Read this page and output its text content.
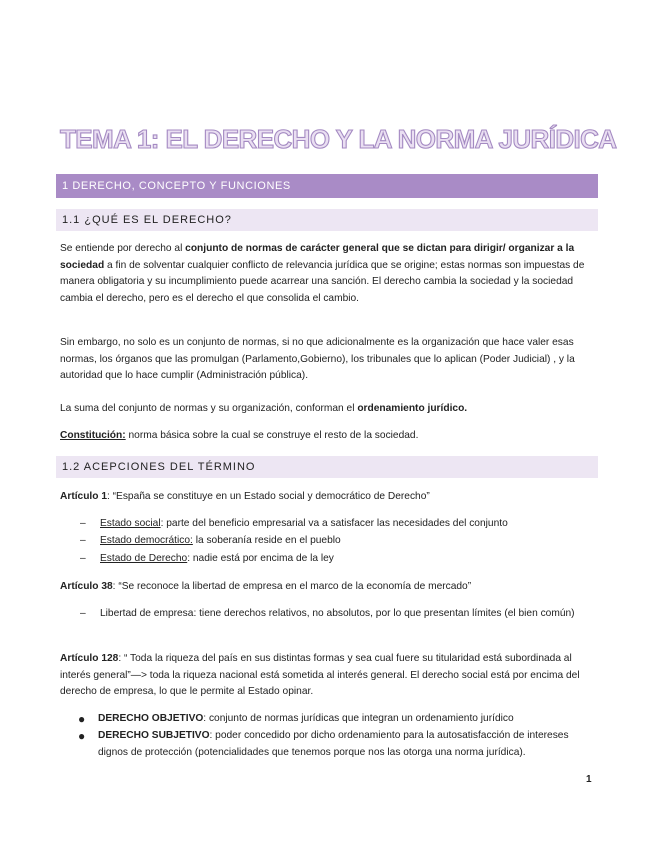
TEMA 1: EL DERECHO Y LA NORMA JURÍDICA
1 DERECHO, CONCEPTO Y FUNCIONES
1.1 ¿QUÉ ES EL DERECHO?
Se entiende por derecho al conjunto de normas de carácter general que se dictan para dirigir/ organizar a la sociedad a fin de solventar cualquier conflicto de relevancia jurídica que se origine; estas normas son impuestas de manera obligatoria y su incumplimiento puede acarrear una sanción. El derecho cambia la sociedad y la sociedad cambia el derecho, pero es el derecho el que consolida el cambio.
Sin embargo, no solo es un conjunto de normas, si no que adicionalmente es la organización que hace valer esas normas, los órganos que las promulgan (Parlamento,Gobierno), los tribunales que lo aplican (Poder Judicial) , y la autoridad que lo hace cumplir (Administración pública).
La suma del conjunto de normas y su organización, conforman el ordenamiento jurídico.
Constitución: norma básica sobre la cual se construye el resto de la sociedad.
1.2 ACEPCIONES DEL TÉRMINO
Artículo 1: “España se constituye en un Estado social y democrático de Derecho”
– Estado social: parte del beneficio empresarial va a satisfacer las necesidades del conjunto
– Estado democrático: la soberanía reside en el pueblo
– Estado de Derecho: nadie está por encima de la ley
Artículo 38: “Se reconoce la libertad de empresa en el marco de la economía de mercado”
– Libertad de empresa: tiene derechos relativos, no absolutos, por lo que presentan límites (el bien común)
Artículo 128: “ Toda la riqueza del país en sus distintas formas y sea cual fuere su titularidad está subordinada al interés general”—> toda la riqueza nacional está sometida al interés general. El derecho social está por encima del derecho de empresa, lo que le permite al Estado opinar.
● DERECHO OBJETIVO: conjunto de normas jurídicas que integran un ordenamiento jurídico
● DERECHO SUBJETIVO: poder concedido por dicho ordenamiento para la autosatisfacción de intereses dignos de protección (potencialidades que tenemos porque nos las otorga una norma jurídica).
1
